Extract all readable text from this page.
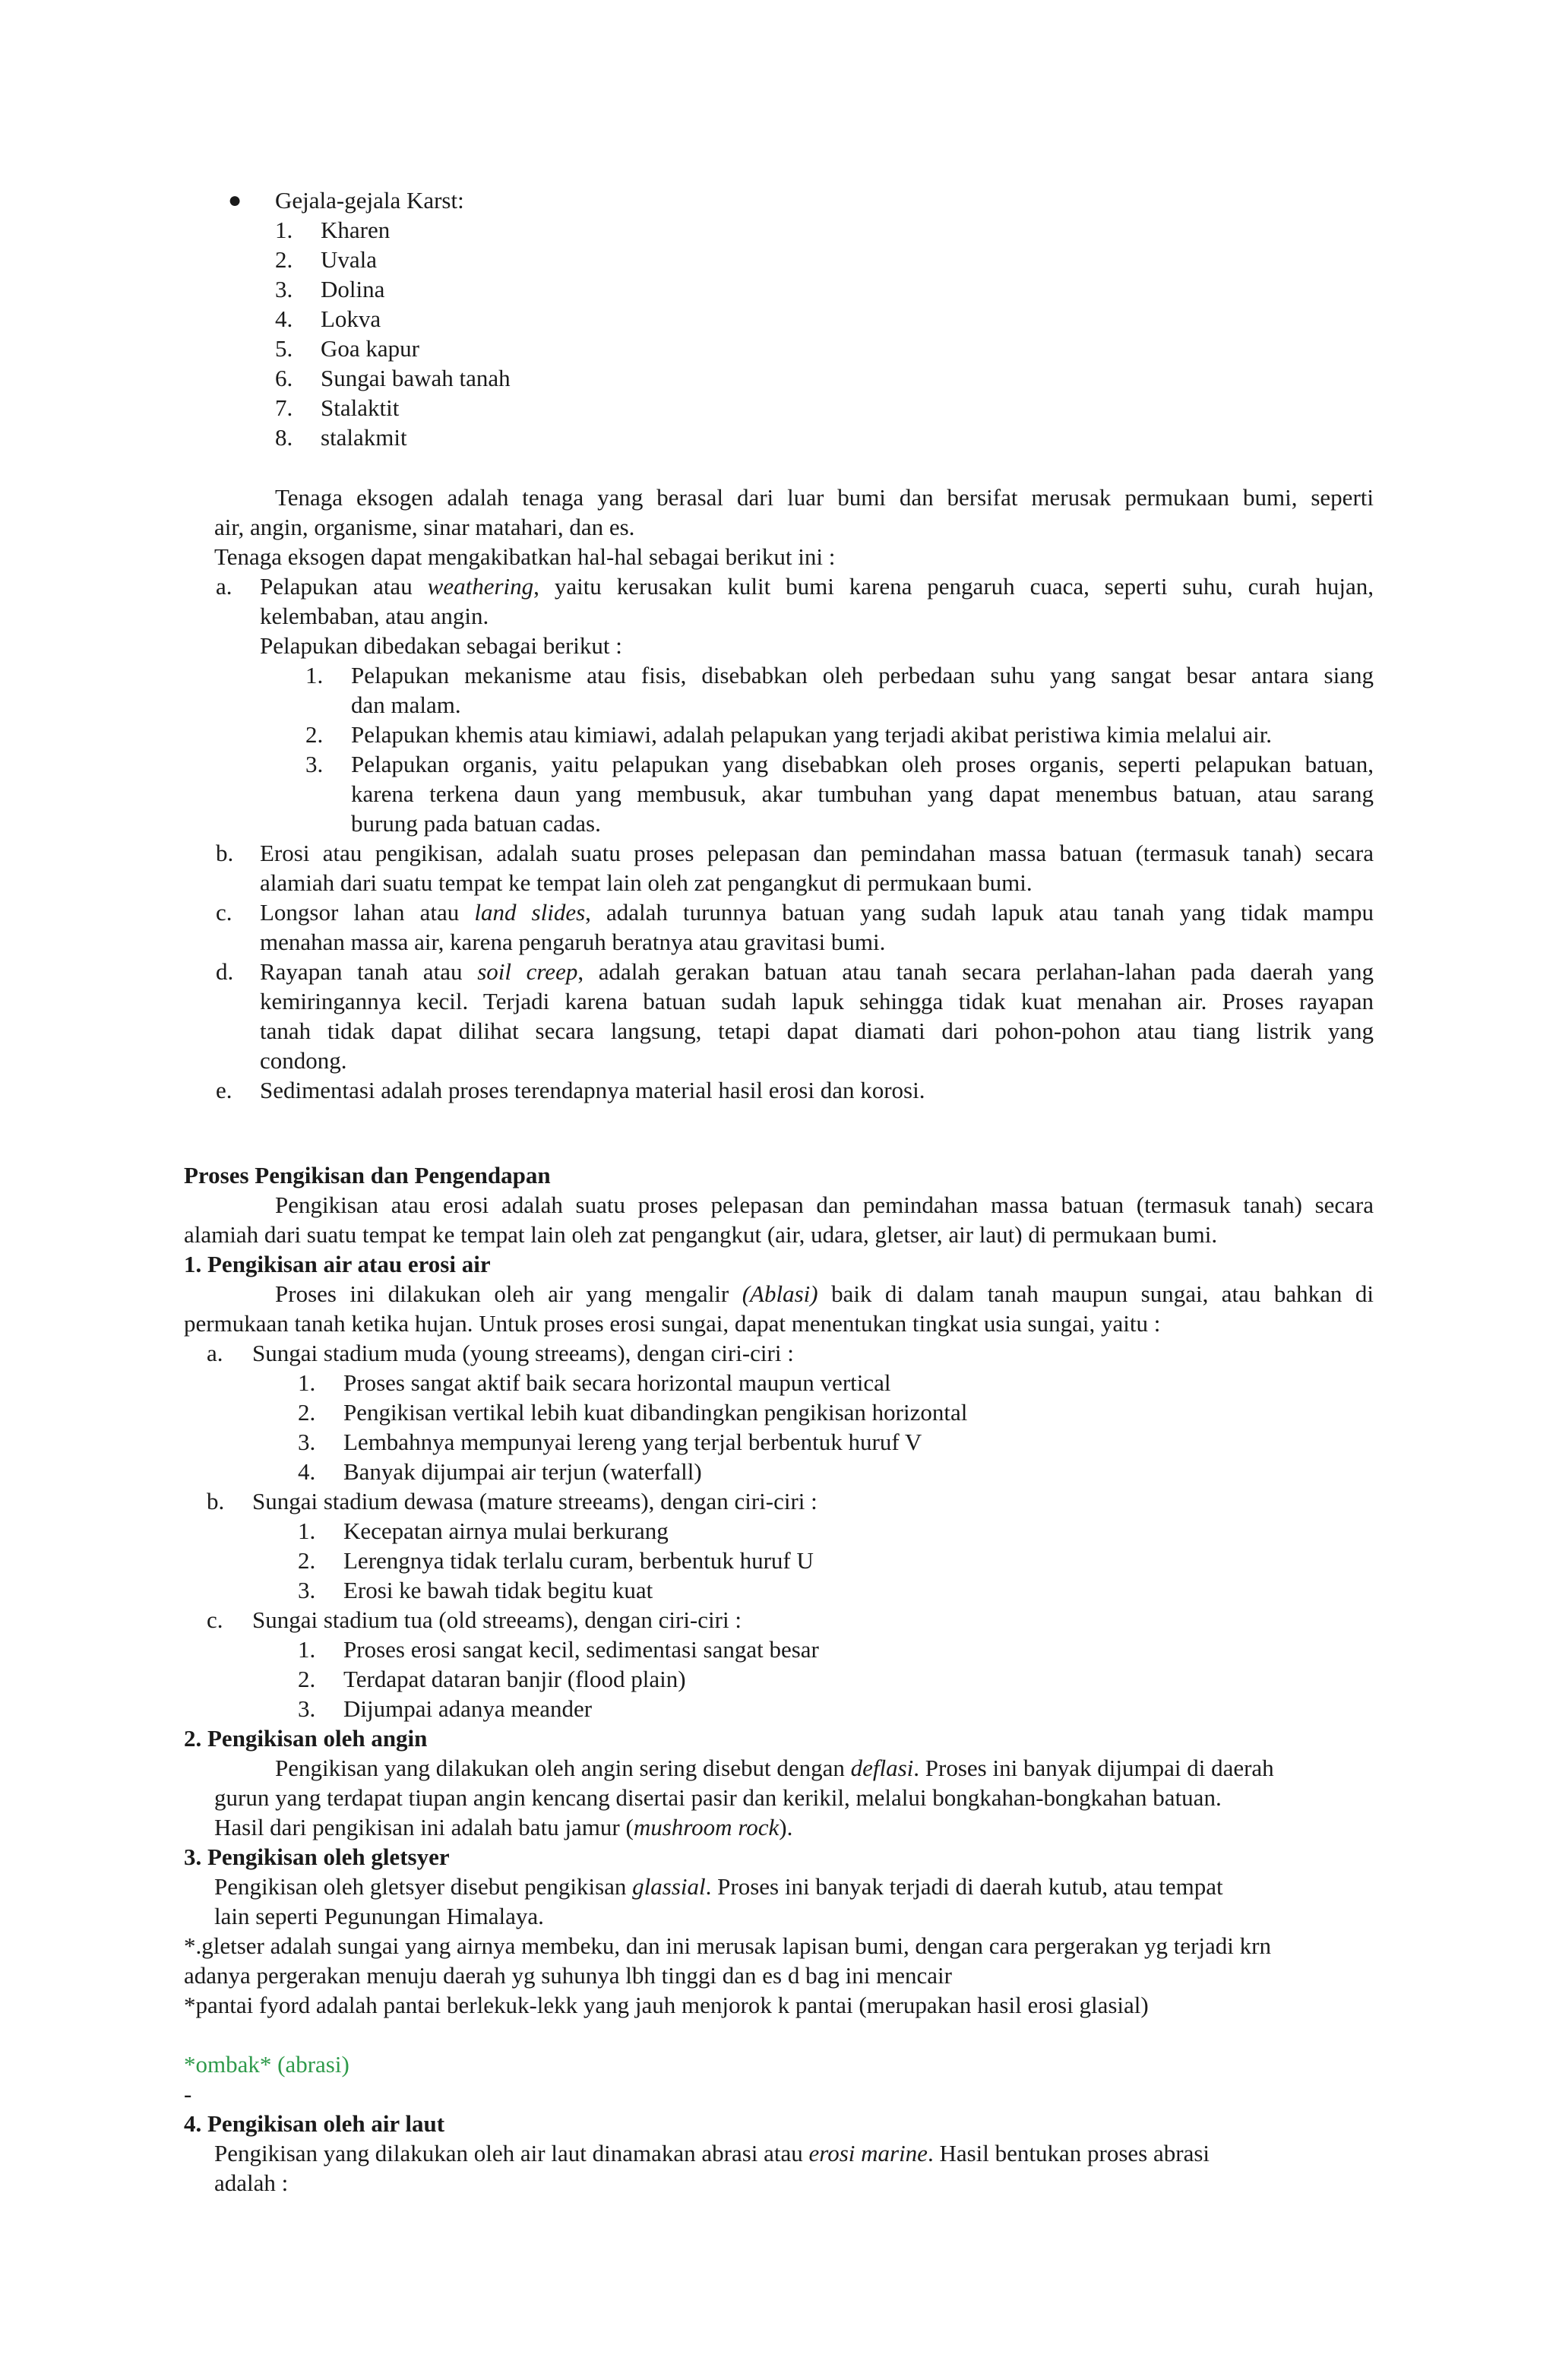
● Gejala-gejala Karst:
1. Kharen
2. Uvala
3. Dolina
4. Lokva
5. Goa kapur
6. Sungai bawah tanah
7. Stalaktit
8. stalakmit
Tenaga eksogen adalah tenaga yang berasal dari luar bumi dan bersifat merusak permukaan bumi, seperti
air, angin, organisme, sinar matahari, dan es.
Tenaga eksogen dapat mengakibatkan hal-hal sebagai berikut ini :
a. Pelapukan atau weathering, yaitu kerusakan kulit bumi karena pengaruh cuaca, seperti suhu, curah hujan,
kelembaban, atau angin.
Pelapukan dibedakan sebagai berikut :
1. Pelapukan mekanisme atau fisis, disebabkan oleh perbedaan suhu yang sangat besar antara siang
dan malam.
2. Pelapukan khemis atau kimiawi, adalah pelapukan yang terjadi akibat peristiwa kimia melalui air.
3. Pelapukan organis, yaitu pelapukan yang disebabkan oleh proses organis, seperti pelapukan batuan,
karena terkena daun yang membusuk, akar tumbuhan yang dapat menembus batuan, atau sarang
burung pada batuan cadas.
b. Erosi atau pengikisan, adalah suatu proses pelepasan dan pemindahan massa batuan (termasuk tanah) secara
alamiah dari suatu tempat ke tempat lain oleh zat pengangkut di permukaan bumi.
c. Longsor lahan atau land slides, adalah turunnya batuan yang sudah lapuk atau tanah yang tidak mampu
menahan massa air, karena pengaruh beratnya atau gravitasi bumi.
d. Rayapan tanah atau soil creep, adalah gerakan batuan atau tanah secara perlahan-lahan pada daerah yang
kemiringannya kecil. Terjadi karena batuan sudah lapuk sehingga tidak kuat menahan air. Proses rayapan
tanah tidak dapat dilihat secara langsung, tetapi dapat diamati dari pohon-pohon atau tiang listrik yang
condong.
e. Sedimentasi adalah proses terendapnya material hasil erosi dan korosi.
Proses Pengikisan dan Pengendapan
Pengikisan atau erosi adalah suatu proses pelepasan dan pemindahan massa batuan (termasuk tanah) secara
alamiah dari suatu tempat ke tempat lain oleh zat pengangkut (air, udara, gletser, air laut) di permukaan bumi.
1. Pengikisan air atau erosi air
Proses ini dilakukan oleh air yang mengalir (Ablasi) baik di dalam tanah maupun sungai, atau bahkan di
permukaan tanah ketika hujan. Untuk proses erosi sungai, dapat menentukan tingkat usia sungai, yaitu :
a. Sungai stadium muda (young streeams), dengan ciri-ciri :
1. Proses sangat aktif baik secara horizontal maupun vertical
2. Pengikisan vertikal lebih kuat dibandingkan pengikisan horizontal
3. Lembahnya mempunyai lereng yang terjal berbentuk huruf V
4. Banyak dijumpai air terjun (waterfall)
b. Sungai stadium dewasa (mature streeams), dengan ciri-ciri :
1. Kecepatan airnya mulai berkurang
2. Lerengnya tidak terlalu curam, berbentuk huruf U
3. Erosi ke bawah tidak begitu kuat
c. Sungai stadium tua (old streeams), dengan ciri-ciri :
1. Proses erosi sangat kecil, sedimentasi sangat besar
2. Terdapat dataran banjir (flood plain)
3. Dijumpai adanya meander
2. Pengikisan oleh angin
Pengikisan yang dilakukan oleh angin sering disebut dengan deflasi. Proses ini banyak dijumpai di daerah
gurun yang terdapat tiupan angin kencang disertai pasir dan kerikil, melalui bongkahan-bongkahan batuan.
Hasil dari pengikisan ini adalah batu jamur (mushroom rock).
3. Pengikisan oleh gletsyer
Pengikisan oleh gletsyer disebut pengikisan glassial. Proses ini banyak terjadi di daerah kutub, atau tempat
lain seperti Pegunungan Himalaya.
*.gletser adalah sungai yang airnya membeku, dan ini merusak lapisan bumi, dengan cara pergerakan yg terjadi krn
adanya pergerakan menuju daerah yg suhunya lbh tinggi dan es d bag ini mencair
*pantai fyord adalah pantai berlekuk-lekk yang jauh menjorok k pantai (merupakan hasil erosi glasial)
*ombak* (abrasi)
-
4. Pengikisan oleh air laut
Pengikisan yang dilakukan oleh air laut dinamakan abrasi atau erosi marine. Hasil bentukan proses abrasi
adalah :
